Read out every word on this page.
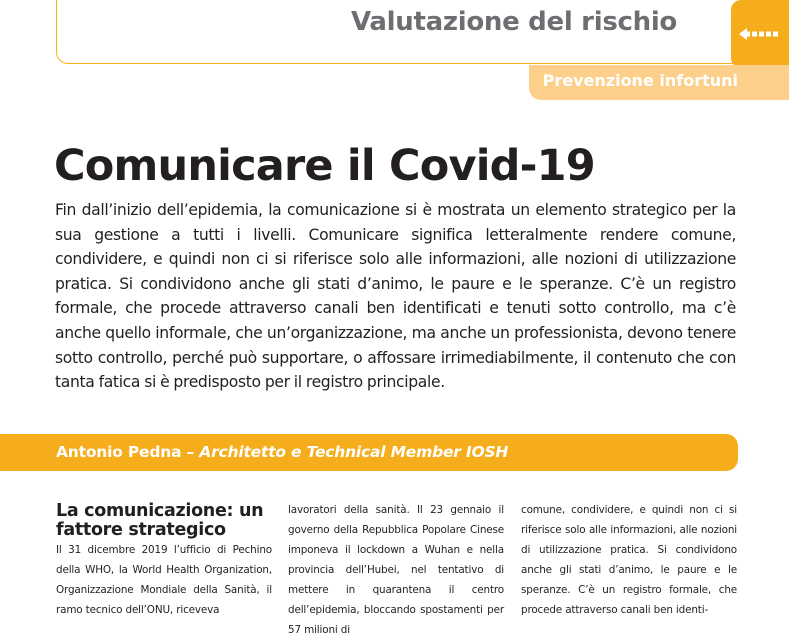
Valutazione del rischio
Prevenzione infortuni
Comunicare il Covid-19

Fin dall’inizio dell’epidemia, la comunicazione si è mostrata un elemento strategico per la sua gestione a tutti i livelli. Comunicare significa letteralmente rendere comune, condividere, e quindi non ci si riferisce solo alle informazioni, alle nozioni di utilizzazione pratica. Si condividono anche gli stati d’animo, le paure e le speranze. C’è un registro formale, che procede attraverso canali ben identificati e tenuti sotto controllo, ma c’è anche quello informale, che un’organizzazione, ma anche un professionista, devono tenere sotto controllo, perché può supportare, o affossare irrimediabilmente, il contenuto che con tanta fatica si è predisposto per il registro principale.

Antonio Pedna – Architetto e Technical Member IOSH
La comunicazione: un fattore strategico

Il 31 dicembre 2019 l’ufficio di Pechino della WHO, la World Health Organization, Organizzazione Mondiale della Sanità, il ramo tecnico dell’ONU, riceveva

lavoratori della sanità. Il 23 gennaio il governo della Repubblica Popolare Cinese imponeva il lockdown a Wuhan e nella provincia dell’Hubei, nel tentativo di mettere in quarantena il centro dell’epidemia, bloccando spostamenti per 57 milioni di

comune, condividere, e quindi non ci si riferisce solo alle informazioni, alle nozioni di utilizzazione pratica. Si condividono anche gli stati d’animo, le paure e le speranze. C’è un registro formale, che procede attraverso canali ben identi-
